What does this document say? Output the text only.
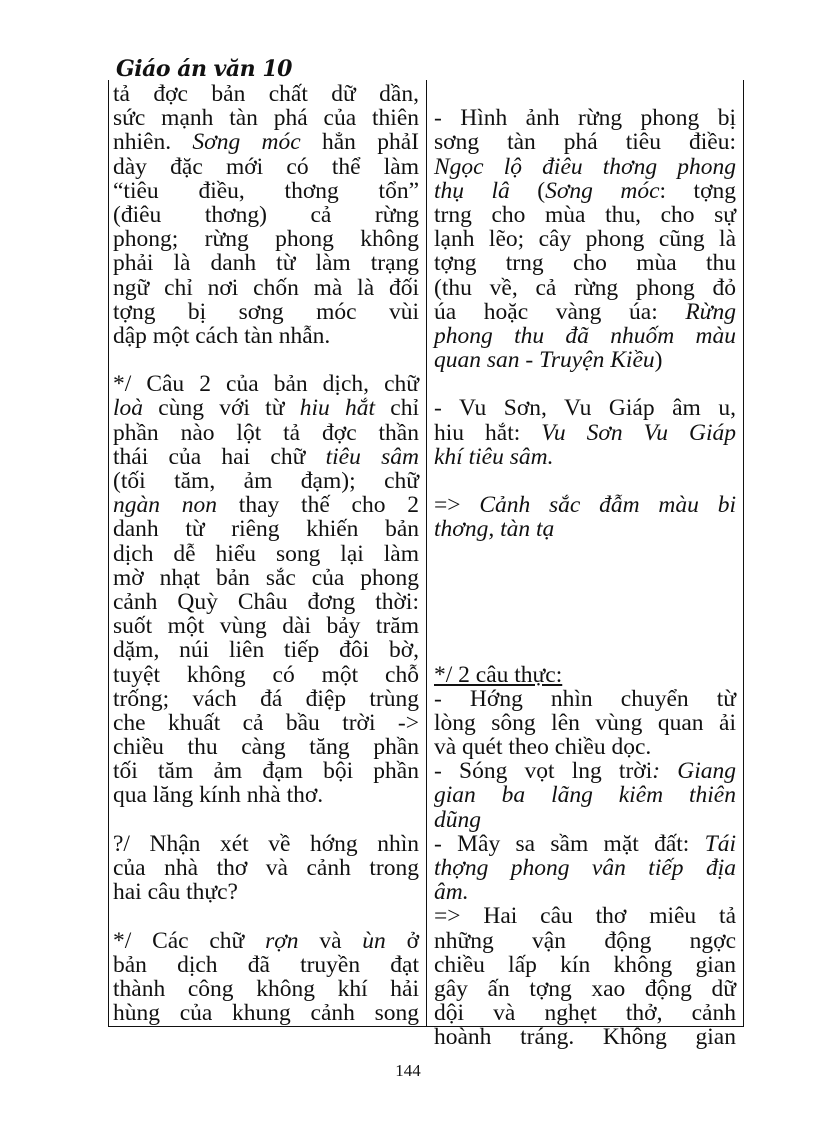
Giáo án văn 10
tả đợc bản chất dữ dần,
sức mạnh tàn phá của thiên
nhiên. Sơng móc hẳn phảI
dày đặc mới có thể làm
“tiêu điều, thơng tổn”
(điêu thơng) cả rừng
phong; rừng phong không
phải là danh từ làm trạng
ngữ chỉ nơi chốn mà là đối
tợng bị sơng móc vùi
dập một cách tàn nhẫn.
*/ Câu 2 của bản dịch, chữ
loà cùng với từ hiu hắt chỉ
phần nào lột tả đợc thần
thái của hai chữ tiêu sâm
(tối tăm, ảm đạm); chữ
ngàn non thay thế cho 2
danh từ riêng khiến bản
dịch dễ hiểu song lại làm
mờ nhạt bản sắc của phong
cảnh Quỳ Châu đơng thời:
suốt một vùng dài bảy trăm
dặm, núi liên tiếp đôi bờ,
tuyệt không có một chỗ
trống; vách đá điệp trùng
che khuất cả bầu trời ->
chiều thu càng tăng phần
tối tăm ảm đạm bội phần
qua lăng kính nhà thơ.
?/ Nhận xét về hớng nhìn
của nhà thơ và cảnh trong
hai câu thực?
*/ Các chữ rợn và ùn ở
bản dịch đã truyền đạt
thành công không khí hải
hùng của khung cảnh song
- Hình ảnh rừng phong bị
sơng tàn phá tiêu điều:
Ngọc lộ điêu thơng phong
thụ lâ (Sơng móc: tợng
trng cho mùa thu, cho sự
lạnh lẽo; cây phong cũng là
tợng trng cho mùa thu
(thu về, cả rừng phong đỏ
úa hoặc vàng úa: Rừng
phong thu đã nhuốm màu
quan san - Truyện Kiều)
- Vu Sơn, Vu Giáp âm u,
hiu hắt: Vu Sơn Vu Giáp
khí tiêu sâm.
=> Cảnh sắc đẫm màu bi
thơng, tàn tạ
*/ 2 câu thực:
- Hớng nhìn chuyển từ
lòng sông lên vùng quan ải
và quét theo chiều dọc.
- Sóng vọt lng trời: Giang
gian ba lãng kiêm thiên
dũng
- Mây sa sầm mặt đất: Tái
thợng phong vân tiếp địa
âm.
=> Hai câu thơ miêu tả
những vận động ngợc
chiều lấp kín không gian
gây ấn tợng xao động dữ
dội và nghẹt thở, cảnh
hoành tráng. Không gian
144
